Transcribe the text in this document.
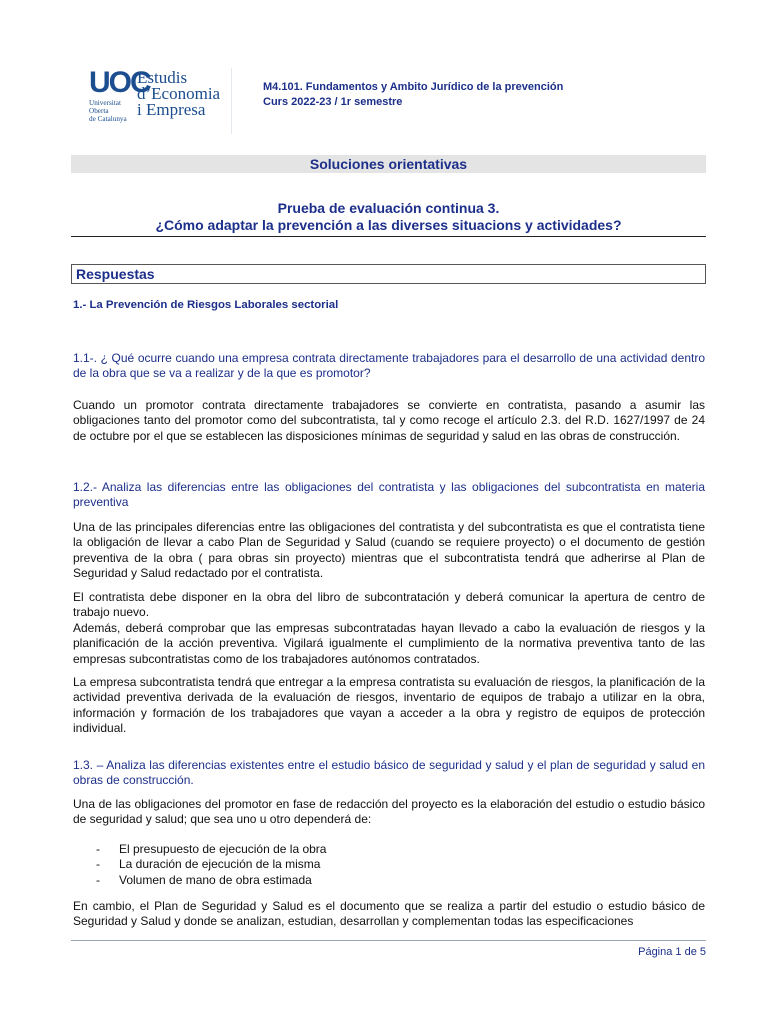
UOC
Universitat
Oberta
de Catalunya
Estudis
d’Economia
i Empresa
M4.101. Fundamentos y Ambito Jurídico de la prevención
Curs 2022-23 / 1r semestre
Soluciones orientativas
Prueba de evaluación continua 3.
¿Cómo adaptar la prevención a las diverses situacions y actividades?
Respuestas
1.- La Prevención de Riesgos Laborales sectorial
1.1-. ¿ Qué ocurre cuando una empresa contrata directamente trabajadores para el desarrollo de una actividad dentro de la obra que se va a realizar y de la que es promotor?
Cuando un promotor contrata directamente trabajadores se convierte en contratista, pasando a asumir las obligaciones tanto del promotor como del subcontratista, tal y como recoge el artículo 2.3. del R.D. 1627/1997 de 24 de octubre por el que se establecen las disposiciones mínimas de seguridad y salud en las obras de construcción.
1.2.- Analiza las diferencias entre las obligaciones del contratista y las obligaciones del subcontratista en materia preventiva
Una de las principales diferencias entre las obligaciones del contratista y del subcontratista es que el contratista tiene la obligación de llevar a cabo Plan de Seguridad y Salud (cuando se requiere proyecto) o el documento de gestión preventiva de la obra ( para obras sin proyecto) mientras que el subcontratista tendrá que adherirse al Plan de Seguridad y Salud redactado por el contratista.
El contratista debe disponer en la obra del libro de subcontratación y deberá comunicar la apertura de centro de trabajo nuevo.
Además, deberá comprobar que las empresas subcontratadas hayan llevado a cabo la evaluación de riesgos y la planificación de la acción preventiva. Vigilará igualmente el cumplimiento de la normativa preventiva tanto de las empresas subcontratistas como de los trabajadores autónomos contratados.
La empresa subcontratista tendrá que entregar a la empresa contratista su evaluación de riesgos, la planificación de la actividad preventiva derivada de la evaluación de riesgos, inventario de equipos de trabajo a utilizar en la obra, información y formación de los trabajadores que vayan a acceder a la obra y registro de equipos de protección individual.
1.3. – Analiza las diferencias existentes entre el estudio básico de seguridad y salud y el plan de seguridad y salud en obras de construcción.
Una de las obligaciones del promotor en fase de redacción del proyecto es la elaboración del estudio o estudio básico de seguridad y salud; que sea uno u otro dependerá de:
- El presupuesto de ejecución de la obra
- La duración de ejecución de la misma
- Volumen de mano de obra estimada
En cambio, el Plan de Seguridad y Salud es el documento que se realiza a partir del estudio o estudio básico de Seguridad y Salud y donde se analizan, estudian, desarrollan y complementan todas las especificaciones
Página 1 de 5
